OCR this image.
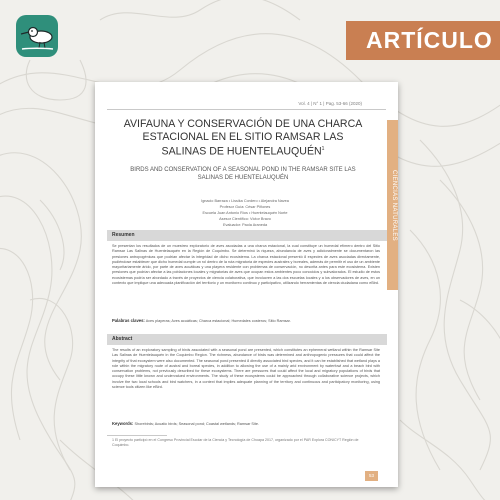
ARTÍCULO
Vol. 4 | N° 1 | Pag. 53-66 (2020)
CIENCIAS NATURALES
AVIFAUNA Y CONSERVACIÓN DE UNA CHARCA ESTACIONAL EN EL SITIO RAMSAR LAS SALINAS DE HUENTELAUQUÉN$^1$

BIRDS AND CONSERVATION OF A SEASONAL POND IN THE RAMSAR SITE LAS SALINAS DE HUENTELAUQUÉN

Ignacio Barraza • Lissika Cordero • Alejandra Navea
Profesor Guía: César Piñones
Escuela Juan Antonio Ríos • Huentelauquén Norte
Asesor Científico: Víctor Bravo
Evaluador: Paola Araneda
Resumen

Se presentan los resultados de un muestreo exploratorio de aves asociadas a una charca estacional, la cual constituye un humedal efímero dentro del Sitio Ramsar Las Salinas de Huentelauquén en la Región de Coquimbo. Se determinó la riqueza, abundancia de aves y adicionalmente se documentaron las presiones antropogénicas que podrían afectar la integridad de dicho ecosistema. La charca estacional presentó 8 especies de aves asociadas directamente, pudiéndose establecer que dicho humedal cumple un rol dentro de la ruta migratoria de especies australes y boreales, además de permitir el uso de un ambiente mayoritariamente árido, por parte de aves acuáticas y una playera residente con problemas de conservación, no descrita antes para este ecosistema. Existen presiones que podrían afectar a las poblaciones locales y migratorias de aves que ocupan estos ambientes poco conocidos y subvalorados. El estudio de estos ecosistemas podría ser abordado a través de proyectos de ciencia colaborativa, que involucren a las dos escuelas locales y a los observadores de aves, en un contexto que implique una adecuada planificación del territorio y un monitoreo continuo y participativo, utilizando herramientas de ciencia ciudadana como eBird.

Palabras claves: Aves playeras; Aves acuáticas; Charca estacional; Humedales costeros; Sitio Ramsar.
Abstract

The results of an exploratory sampling of birds associated with a seasonal pond are presented, which constitutes an ephemeral wetland within the Ramsar Site Las Salinas de Huentelauquén in the Coquimbo Region. The richness, abundance of birds was determined and anthropogenic pressures that could affect the integrity of that ecosystem were also documented. The seasonal pond presented 8 directly associated bird species, and it can be established that wetland plays a role within the migratory route of austral and boreal species, in addition to allowing the use of a mainly arid environment by waterfowl and a beach bird with conservation problems, not previously described for these ecosystems. There are pressures that could affect the local and migratory populations of birds that occupy these little known and undervalued environments. The study of these ecosystems could be approached through collaborative science projects, which involve the two local schools and bird watchers, in a context that implies adequate planning of the territory and continuous and participatory monitoring, using science tools citizen like eBird.

Keywords: Shorebirds; Acuatic birds; Seasonal pond; Coastal wetlands; Ramsar Site.

1 El proyecto participó en el Congreso Provincial Escolar de la Ciencia y Tecnología de Choapa 2017, organizado por el PAR Explora CONICYT Región de Coquimbo.

53
